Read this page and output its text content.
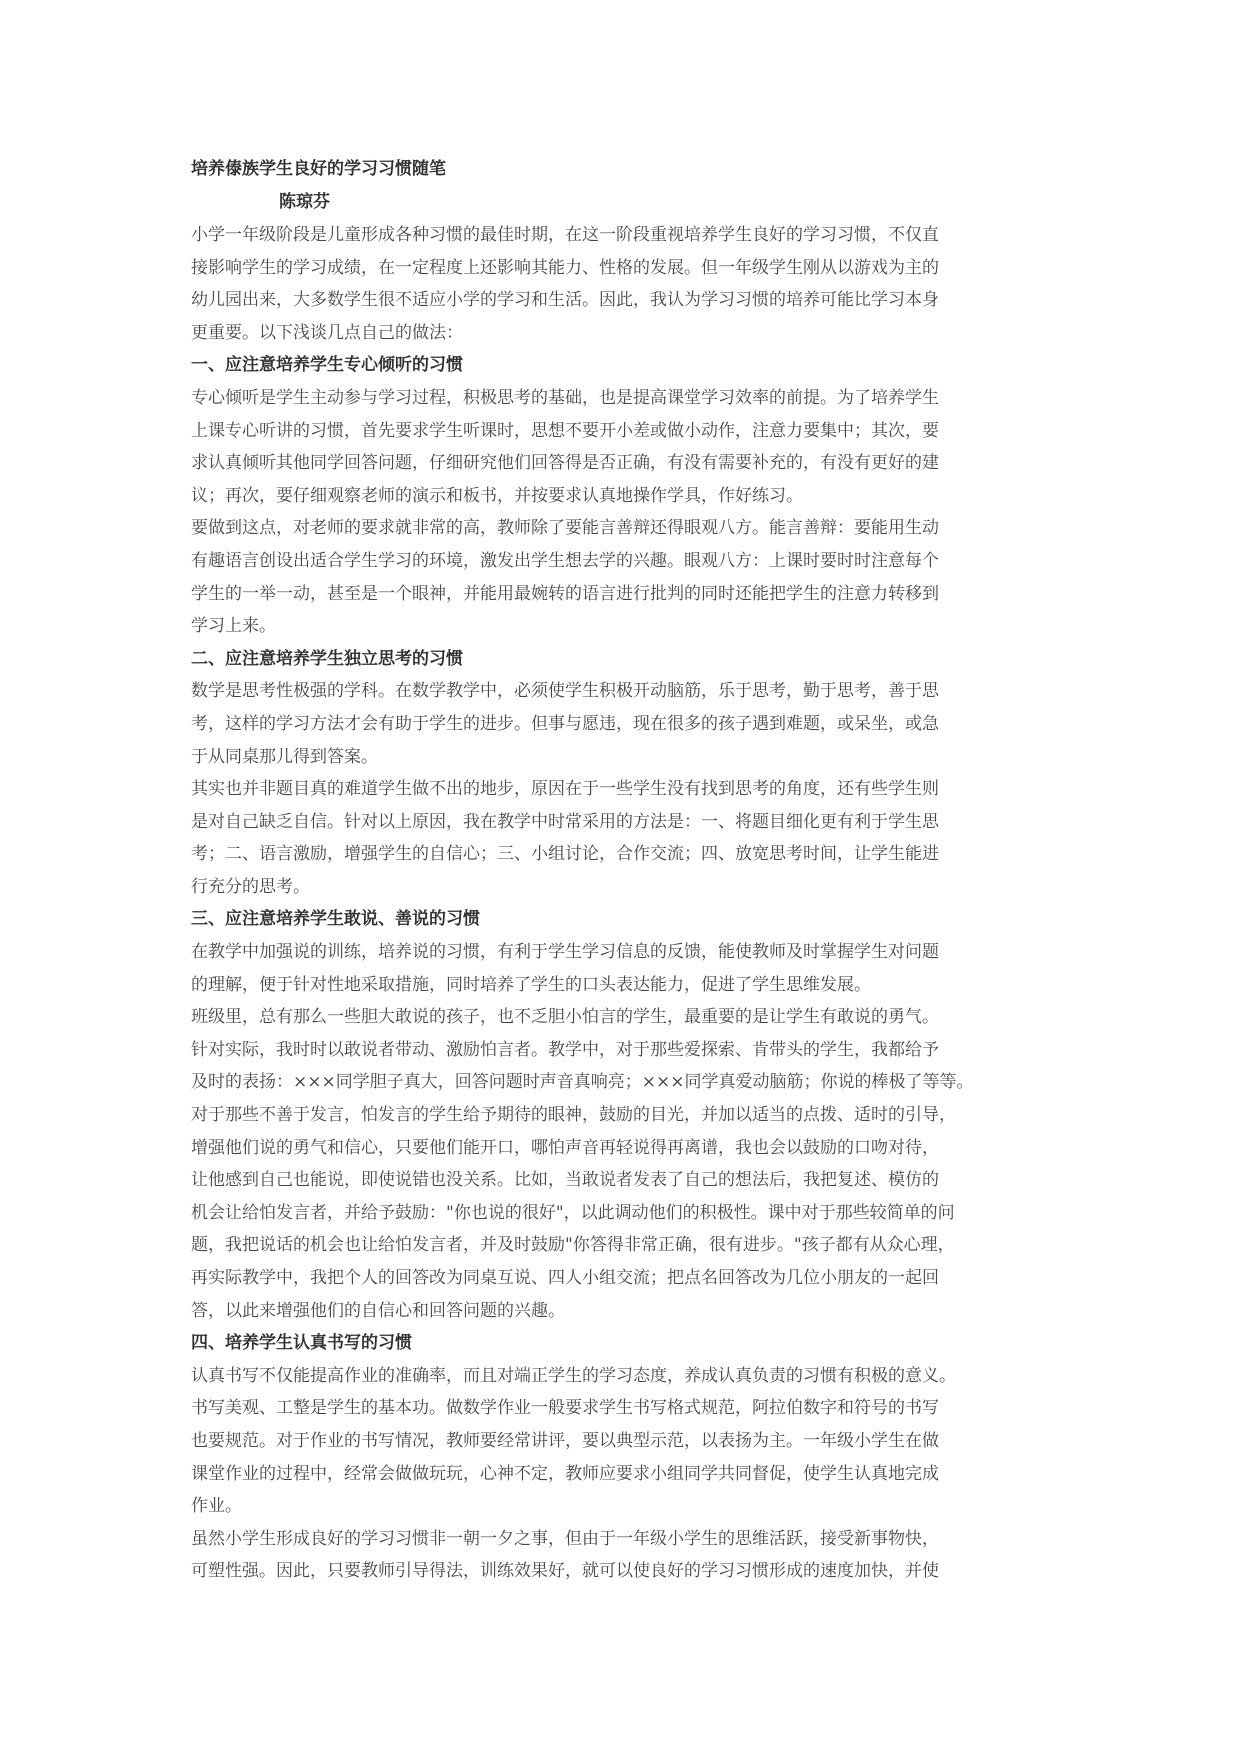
培养傣族学生良好的学习习惯随笔
陈琼芬

小学一年级阶段是儿童形成各种习惯的最佳时期，在这一阶段重视培养学生良好的学习习惯，不仅直
接影响学生的学习成绩，在一定程度上还影响其能力、性格的发展。但一年级学生刚从以游戏为主的
幼儿园出来，大多数学生很不适应小学的学习和生活。因此，我认为学习习惯的培养可能比学习本身
更重要。以下浅谈几点自己的做法：

一、应注意培养学生专心倾听的习惯

专心倾听是学生主动参与学习过程，积极思考的基础，也是提高课堂学习效率的前提。为了培养学生
上课专心听讲的习惯，首先要求学生听课时，思想不要开小差或做小动作，注意力要集中；其次，要
求认真倾听其他同学回答问题，仔细研究他们回答得是否正确，有没有需要补充的，有没有更好的建
议；再次，要仔细观察老师的演示和板书，并按要求认真地操作学具，作好练习。

要做到这点，对老师的要求就非常的高，教师除了要能言善辩还得眼观八方。能言善辩：要能用生动
有趣语言创设出适合学生学习的环境，激发出学生想去学的兴趣。眼观八方：上课时要时时注意每个
学生的一举一动，甚至是一个眼神，并能用最婉转的语言进行批判的同时还能把学生的注意力转移到
学习上来。

二、应注意培养学生独立思考的习惯

数学是思考性极强的学科。在数学教学中，必须使学生积极开动脑筋，乐于思考，勤于思考，善于思
考，这样的学习方法才会有助于学生的进步。但事与愿违，现在很多的孩子遇到难题，或呆坐，或急
于从同桌那儿得到答案。

其实也并非题目真的难道学生做不出的地步，原因在于一些学生没有找到思考的角度，还有些学生则
是对自己缺乏自信。针对以上原因，我在教学中时常采用的方法是：一、将题目细化更有利于学生思
考；二、语言激励，增强学生的自信心；三、小组讨论，合作交流；四、放宽思考时间，让学生能进
行充分的思考。

三、应注意培养学生敢说、善说的习惯

在教学中加强说的训练，培养说的习惯，有利于学生学习信息的反馈，能使教师及时掌握学生对问题
的理解，便于针对性地采取措施，同时培养了学生的口头表达能力，促进了学生思维发展。

班级里，总有那么一些胆大敢说的孩子，也不乏胆小怕言的学生，最重要的是让学生有敢说的勇气。
针对实际，我时时以敢说者带动、激励怕言者。教学中，对于那些爱探索、肯带头的学生，我都给予
及时的表扬：×××同学胆子真大，回答问题时声音真响亮；×××同学真爱动脑筋；你说的棒极了等等。
对于那些不善于发言，怕发言的学生给予期待的眼神，鼓励的目光，并加以适当的点拨、适时的引导，
增强他们说的勇气和信心，只要他们能开口，哪怕声音再轻说得再离谱，我也会以鼓励的口吻对待，
让他感到自己也能说，即使说错也没关系。比如，当敢说者发表了自己的想法后，我把复述、模仿的
机会让给怕发言者，并给予鼓励："你也说的很好"，以此调动他们的积极性。课中对于那些较简单的问
题，我把说话的机会也让给怕发言者，并及时鼓励"你答得非常正确，很有进步。"孩子都有从众心理，
再实际教学中，我把个人的回答改为同桌互说、四人小组交流；把点名回答改为几位小朋友的一起回
答，以此来增强他们的自信心和回答问题的兴趣。

四、培养学生认真书写的习惯

认真书写不仅能提高作业的准确率，而且对端正学生的学习态度，养成认真负责的习惯有积极的意义。
书写美观、工整是学生的基本功。做数学作业一般要求学生书写格式规范，阿拉伯数字和符号的书写
也要规范。对于作业的书写情况，教师要经常讲评，要以典型示范，以表扬为主。一年级小学生在做
课堂作业的过程中，经常会做做玩玩，心神不定，教师应要求小组同学共同督促，使学生认真地完成
作业。

虽然小学生形成良好的学习习惯非一朝一夕之事，但由于一年级小学生的思维活跃，接受新事物快，
可塑性强。因此，只要教师引导得法，训练效果好，就可以使良好的学习习惯形成的速度加快，并使
